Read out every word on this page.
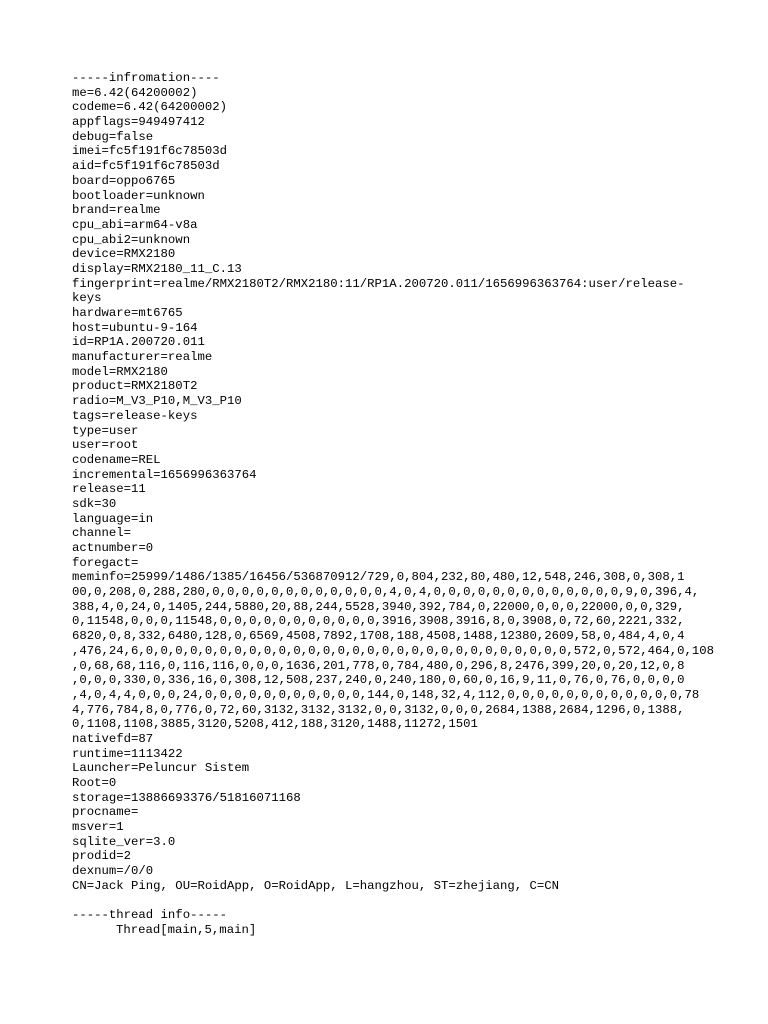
-----infromation----
me=6.42(64200002)
codeme=6.42(64200002)
appflags=949497412
debug=false
imei=fc5f191f6c78503d
aid=fc5f191f6c78503d
board=oppo6765
bootloader=unknown
brand=realme
cpu_abi=arm64-v8a
cpu_abi2=unknown
device=RMX2180
display=RMX2180_11_C.13
fingerprint=realme/RMX2180T2/RMX2180:11/RP1A.200720.011/1656996363764:user/release-
keys
hardware=mt6765
host=ubuntu-9-164
id=RP1A.200720.011
manufacturer=realme
model=RMX2180
product=RMX2180T2
radio=M_V3_P10,M_V3_P10
tags=release-keys
type=user
user=root
codename=REL
incremental=1656996363764
release=11
sdk=30
language=in
channel=
actnumber=0
foregact=
meminfo=25999/1486/1385/16456/536870912/729,0,804,232,80,480,12,548,246,308,0,308,1
00,0,208,0,288,280,0,0,0,0,0,0,0,0,0,0,0,0,4,0,4,0,0,0,0,0,0,0,0,0,0,0,0,0,9,0,396,4,
388,4,0,24,0,1405,244,5880,20,88,244,5528,3940,392,784,0,22000,0,0,0,22000,0,0,329,
0,11548,0,0,0,11548,0,0,0,0,0,0,0,0,0,0,0,3916,3908,3916,8,0,3908,0,72,60,2221,332,
6820,0,8,332,6480,128,0,6569,4508,7892,1708,188,4508,1488,12380,2609,58,0,484,4,0,4
,476,24,6,0,0,0,0,0,0,0,0,0,0,0,0,0,0,0,0,0,0,0,0,0,0,0,0,0,0,0,0,0,572,0,572,464,0,108
,0,68,68,116,0,116,116,0,0,0,1636,201,778,0,784,480,0,296,8,2476,399,20,0,20,12,0,8
,0,0,0,330,0,336,16,0,308,12,508,237,240,0,240,180,0,60,0,16,9,11,0,76,0,76,0,0,0,0
,4,0,4,4,0,0,0,24,0,0,0,0,0,0,0,0,0,0,0,144,0,148,32,4,112,0,0,0,0,0,0,0,0,0,0,0,0,78
4,776,784,8,0,776,0,72,60,3132,3132,3132,0,0,3132,0,0,0,2684,1388,2684,1296,0,1388,
0,1108,1108,3885,3120,5208,412,188,3120,1488,11272,1501
nativefd=87
runtime=1113422
Launcher=Peluncur Sistem
Root=0
storage=13886693376/51816071168
procname=
msver=1
sqlite_ver=3.0
prodid=2
dexnum=/0/0
CN=Jack Ping, OU=RoidApp, O=RoidApp, L=hangzhou, ST=zhejiang, C=CN
-----thread info-----
Thread[main,5,main]
